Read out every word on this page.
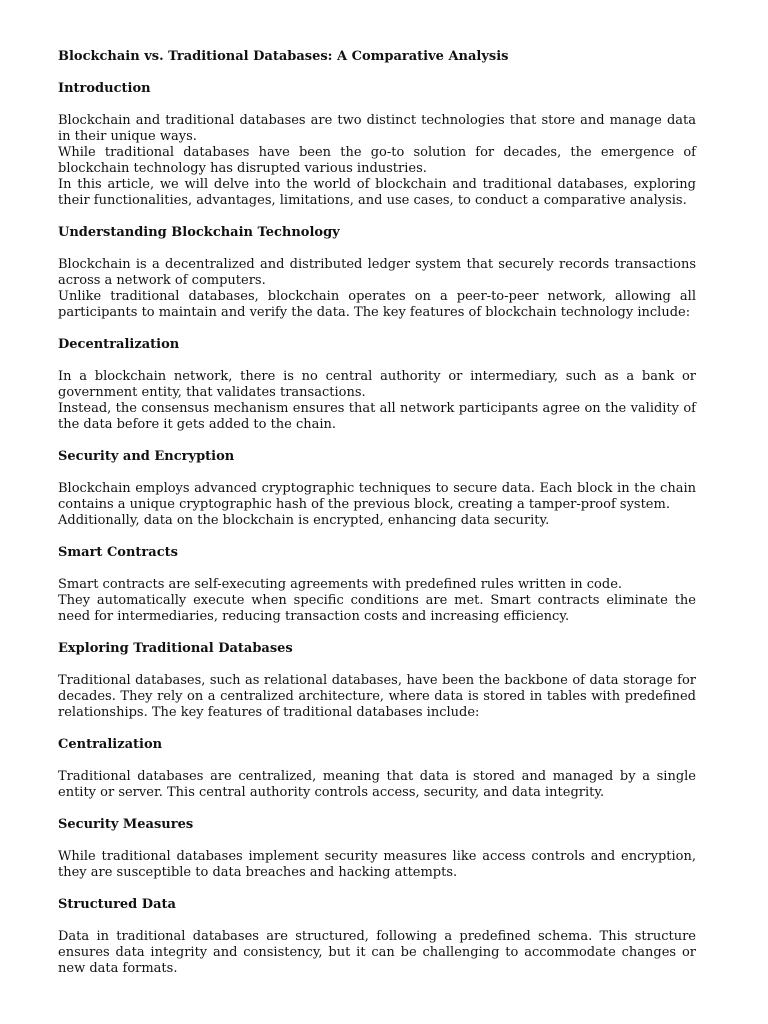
Blockchain vs. Traditional Databases: A Comparative Analysis
Introduction
Blockchain and traditional databases are two distinct technologies that store and manage data in their unique ways.
While traditional databases have been the go-to solution for decades, the emergence of blockchain technology has disrupted various industries.
In this article, we will delve into the world of blockchain and traditional databases, exploring their functionalities, advantages, limitations, and use cases, to conduct a comparative analysis.
Understanding Blockchain Technology
Blockchain is a decentralized and distributed ledger system that securely records transactions across a network of computers.
Unlike traditional databases, blockchain operates on a peer-to-peer network, allowing all participants to maintain and verify the data. The key features of blockchain technology include:
Decentralization
In a blockchain network, there is no central authority or intermediary, such as a bank or government entity, that validates transactions.
Instead, the consensus mechanism ensures that all network participants agree on the validity of the data before it gets added to the chain.
Security and Encryption
Blockchain employs advanced cryptographic techniques to secure data. Each block in the chain contains a unique cryptographic hash of the previous block, creating a tamper-proof system.
Additionally, data on the blockchain is encrypted, enhancing data security.
Smart Contracts
Smart contracts are self-executing agreements with predefined rules written in code.
They automatically execute when specific conditions are met. Smart contracts eliminate the need for intermediaries, reducing transaction costs and increasing efficiency.
Exploring Traditional Databases
Traditional databases, such as relational databases, have been the backbone of data storage for decades. They rely on a centralized architecture, where data is stored in tables with predefined relationships. The key features of traditional databases include:
Centralization
Traditional databases are centralized, meaning that data is stored and managed by a single entity or server. This central authority controls access, security, and data integrity.
Security Measures
While traditional databases implement security measures like access controls and encryption, they are susceptible to data breaches and hacking attempts.
Structured Data
Data in traditional databases are structured, following a predefined schema. This structure ensures data integrity and consistency, but it can be challenging to accommodate changes or new data formats.
